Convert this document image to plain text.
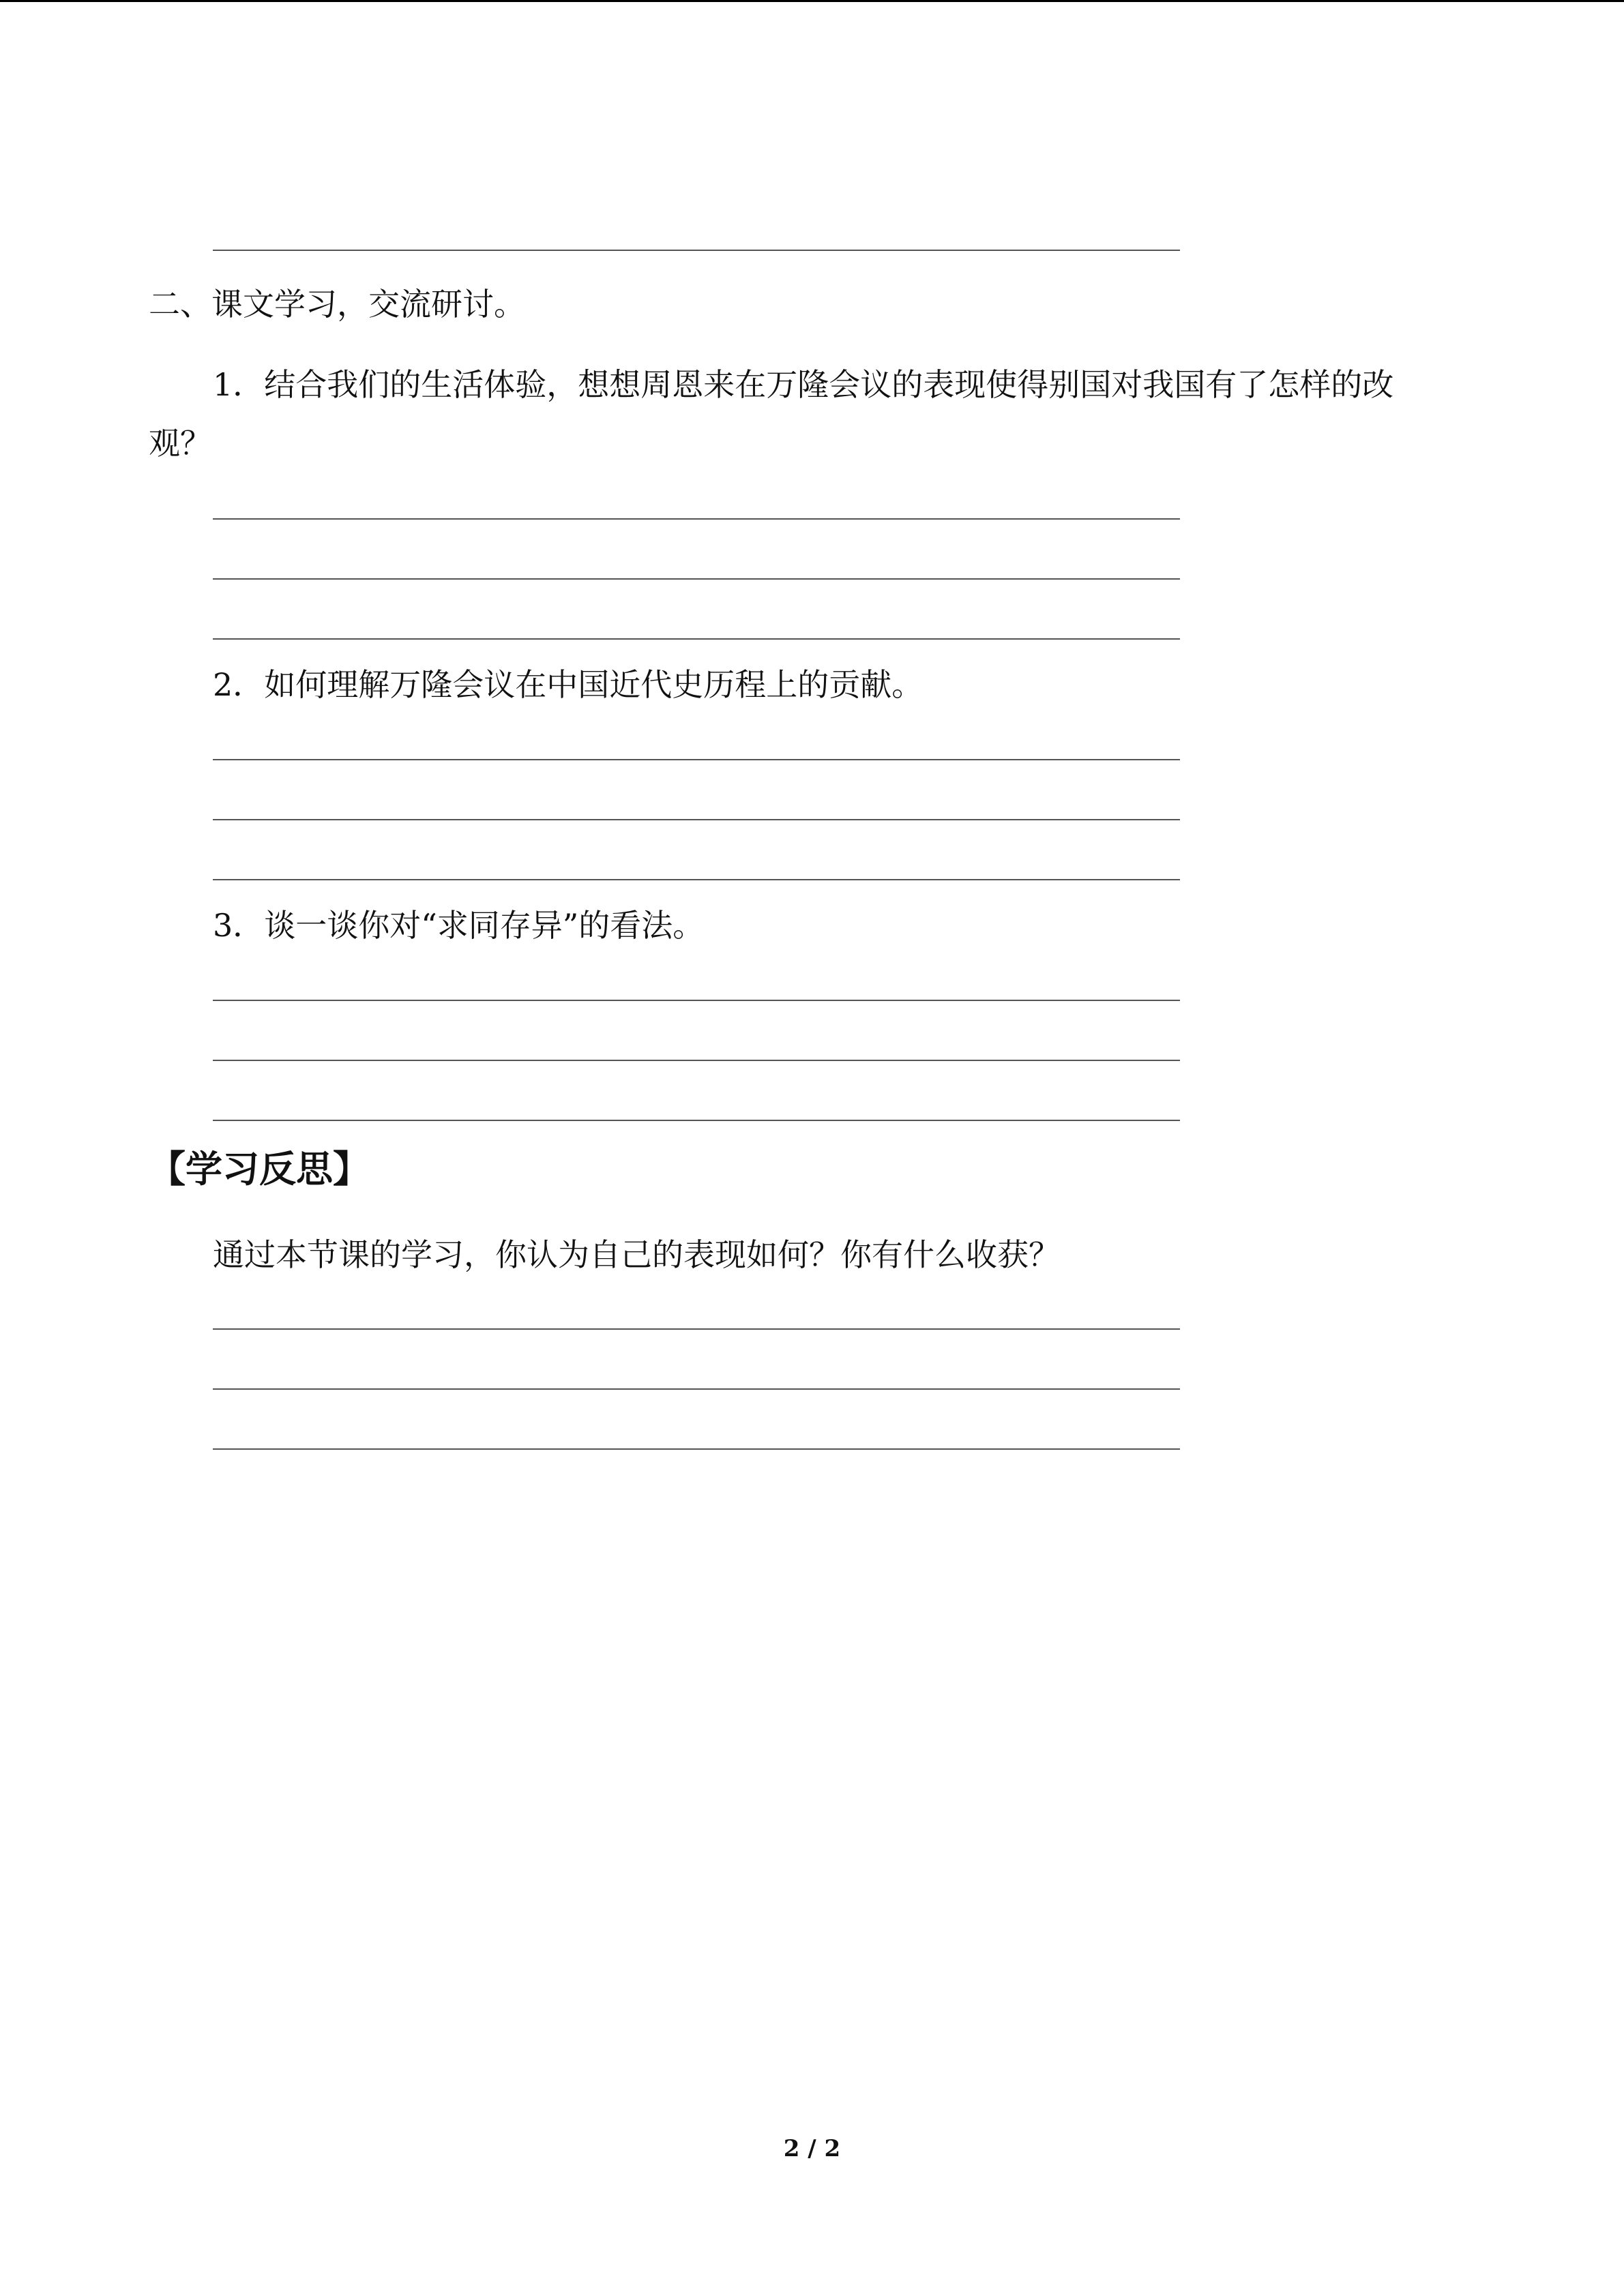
二、课文学习，交流研讨。
1．结合我们的生活体验，想想周恩来在万隆会议的表现使得别国对我国有了怎样的改
观？
2．如何理解万隆会议在中国近代史历程上的贡献。
3．谈一谈你对“求同存异”的看法。
【学习反思】
通过本节课的学习，你认为自己的表现如何？你有什么收获？
2 / 2
